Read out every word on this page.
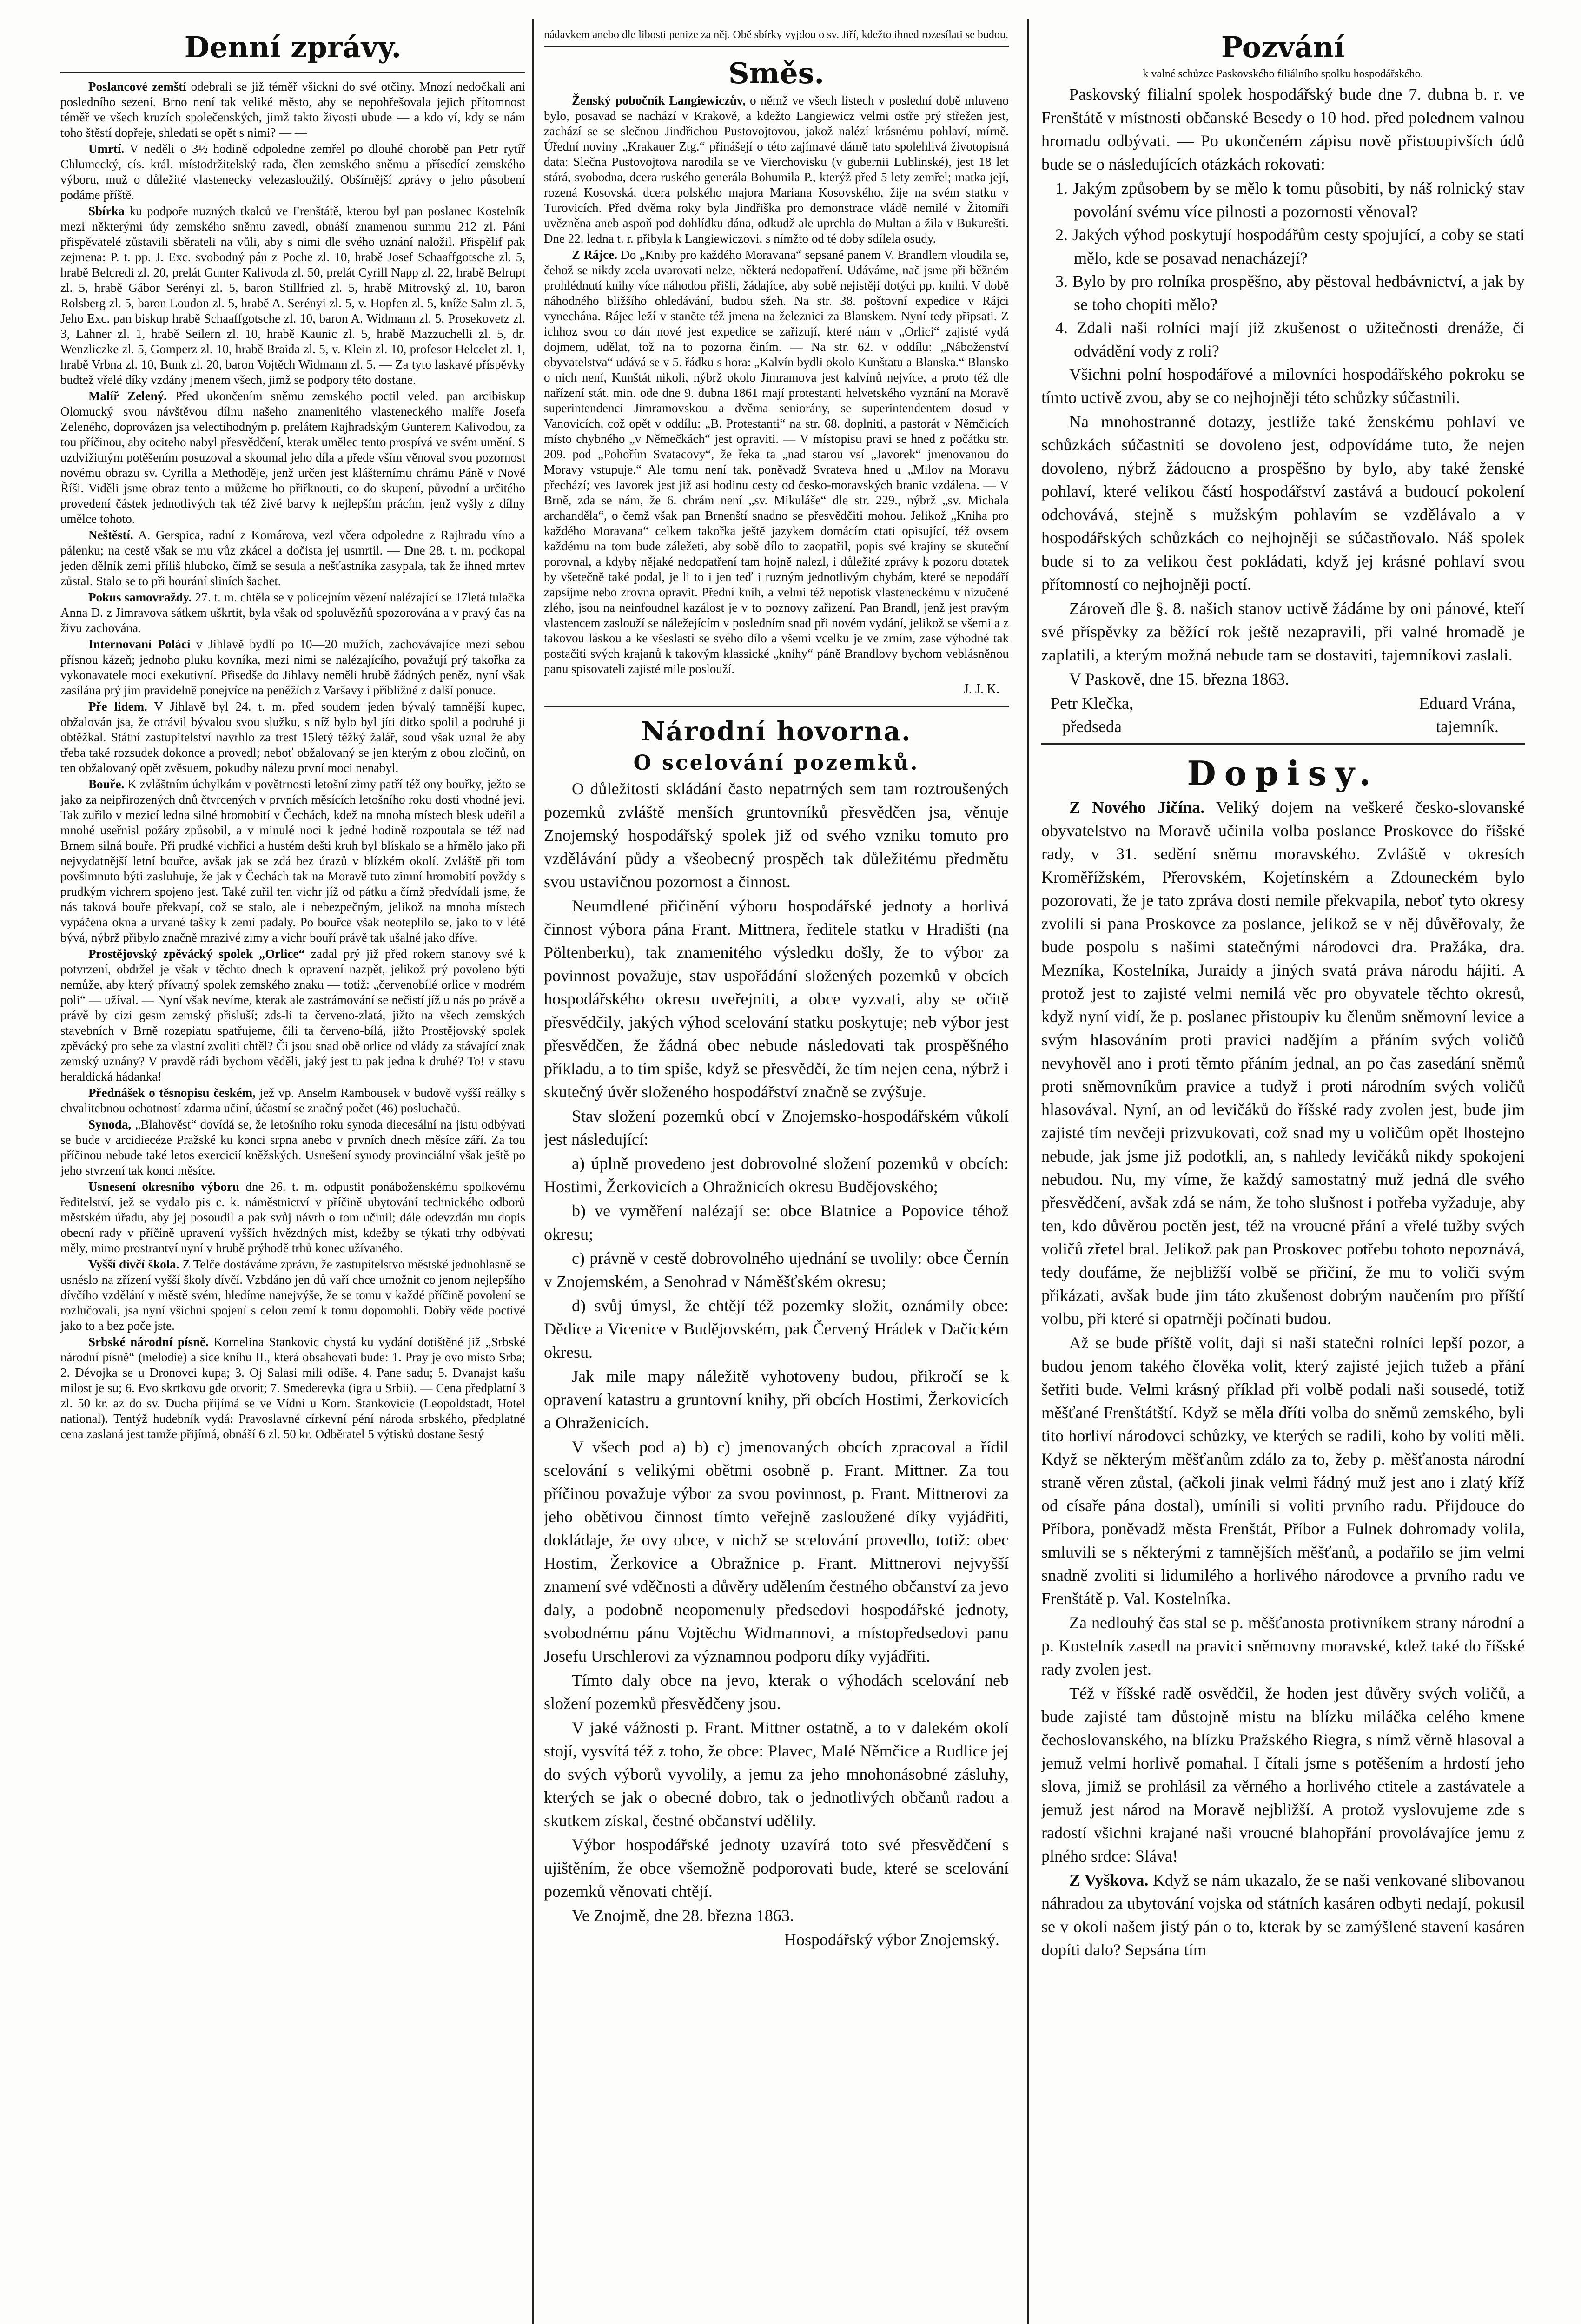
Denní zprávy.

Poslancové zemští odebrali se již téměř všickni do své otčiny. Mnozí nedočkali ani posledního sezení. Brno není tak veliké město, aby se nepohřešovala jejich přítomnost téměř ve všech kruzích společenských, jimž takto živosti ubude — a kdo ví, kdy se nám toho štěstí dopřeje, shledati se opět s nimi? — —

Umrtí. V neděli o 3½ hodině odpoledne zemřel po dlouhé chorobě pan Petr rytíř Chlumecký, cís. král. místodržitelský rada, člen zemského sněmu a přísedící zemského výboru, muž o důležité vlastenecky velezasloužilý. Obšírnější zprávy o jeho působení podáme příště.

Sbírka ku podpoře nuzných tkalců ve Frenštátě, kterou byl pan poslanec Kostelník mezi některými údy zemského sněmu zavedl, obnáší znamenou summu 212 zl. Páni přispěvatelé zůstavili sběrateli na vůli, aby s nimi dle svého uznání naložil. Přispělif pak zejmena: P. t. pp. J. Exc. svobodný pán z Poche zl. 10, hrabě Josef Schaaffgotsche zl. 5, hrabě Belcredi zl. 20, prelát Gunter Kalivoda zl. 50, prelát Cyrill Napp zl. 22, hrabě Belrupt zl. 5, hrabě Gábor Serényi zl. 5, baron Stillfried zl. 5, hrabě Mitrovský zl. 10, baron Rolsberg zl. 5, baron Loudon zl. 5, hrabě A. Serényi zl. 5, v. Hopfen zl. 5, kníže Salm zl. 5, Jeho Exc. pan biskup hrabě Schaaffgotsche zl. 10, baron A. Widmann zl. 5, Prosekovetz zl. 3, Lahner zl. 1, hrabě Seilern zl. 10, hrabě Kaunic zl. 5, hrabě Mazzuchelli zl. 5, dr. Wenzliczke zl. 5, Gomperz zl. 10, hrabě Braida zl. 5, v. Klein zl. 10, profesor Helcelet zl. 1, hrabě Vrbna zl. 10, Bunk zl. 20, baron Vojtěch Widmann zl. 5. — Za tyto laskavé příspěvky budtež vřelé díky vzdány jmenem všech, jimž se podpory této dostane.

Malíř Zelený. Před ukončením sněmu zemského poctil veled. pan arcibiskup Olomucký svou návštěvou dílnu našeho znamenitého vlasteneckého malíře Josefa Zeleného, doprovázen jsa velectihodným p. prelátem Rajhradským Gunterem Kalivodou, za tou příčinou, aby ociteho nabyl přesvědčení, kterak umělec tento prospívá ve svém umění. S uzdvižitným potěšením posuzoval a skoumal jeho díla a přede vším věnoval svou pozornost novému obrazu sv. Cyrilla a Methoděje, jenž určen jest klášternímu chrámu Páně v Nové Říši. Viděli jsme obraz tento a můžeme ho přiřknouti, co do skupení, původní a určitého provedení částek jednotlivých tak též živé barvy k nejlepším prácím, jenž vyšly z dílny umělce tohoto.

Neštěstí. A. Gerspica, radní z Komárova, vezl včera odpoledne z Rajhradu víno a pálenku; na cestě však se mu vůz zkácel a dočista jej usmrtil. — Dne 28. t. m. podkopal jeden dělník zemi příliš hluboko, čímž se sesula a nešťastníka zasypala, tak že ihned mrtev zůstal. Stalo se to při hourání sliních šachet.

Pokus samovraždy. 27. t. m. chtěla se v policejním vězení nalézající se 17letá tulačka Anna D. z Jimravova sátkem uškrtit, byla však od spoluvězňů spozorována a v pravý čas na živu zachována.

Internovaní Poláci v Jihlavě bydlí po 10—20 mužích, zachovávajíce mezi sebou přísnou kázeň; jednoho pluku kovníka, mezi nimi se nalézajícího, považují prý takořka za vykonavatele moci exekutivní. Přisedše do Jihlavy neměli hrubě žádných peněz, nyní však zasílána prý jim pravidelně ponejvíce na peněžích z Varšavy i příbližné z další ponuce.

Pře lidem. V Jihlavě byl 24. t. m. před soudem jeden bývalý tamnější kupec, obžalován jsa, že otrávil bývalou svou služku, s níž bylo byl jíti ditko spolil a podruhé ji obtěžkal. Státní zastupitelství navrhlo za trest 15letý těžký žalář, soud však uznal že aby třeba také rozsudek dokonce a provedl; neboť obžalovaný se jen kterým z obou zločinů, on ten obžalovaný opět zvěsuem, pokudby nálezu první moci nenabyl.

Bouře. K zvláštním úchylkám v povětrnosti letošní zimy patří též ony bouřky, ježto se jako za neipřirozených dnů čtvrcených v prvních měsících letošního roku dosti vhodné jevi. Tak zuřilo v mezicí ledna silné hromobití v Čechách, kdež na mnoha místech blesk udeřil a mnohé useřnisl požáry způsobil, a v minulé noci k jedné hodině rozpoutala se též nad Brnem silná bouře. Při prudké vichřici a hustém dešti kruh byl blískalo se a hřmělo jako při nejvydatnější letní bouřce, avšak jak se zdá bez úrazů v blízkém okolí. Zvláště při tom povšimnuto býti zasluhuje, že jak v Čechách tak na Moravě tuto zimní hromobití povždy s prudkým vichrem spojeno jest. Také zuřil ten vichr jíž od pátku a čímž předvídali jsme, že nás taková bouře překvapí, což se stalo, ale i nebezpečným, jelikož na mnoha místech vypáčena okna a urvané tašky k zemi padaly. Po bouřce však neoteplilo se, jako to v létě bývá, nýbrž přibylo značně mrazivé zimy a vichr bouří právě tak ušalné jako dříve.

Prostějovský zpěvácký spolek „Orlice“ zadal prý již před rokem stanovy své k potvrzení, obdržel je však v těchto dnech k opravení nazpět, jelikož prý povoleno býti nemůže, aby který přívatný spolek zemského znaku — totiž: „červenobílé orlice v modrém poli“ — užíval. — Nyní však nevíme, kterak ale zastrámování se nečistí jíž u nás po právě a právě by cizi gesm zemský přisluší; zds-li ta červeno-zlatá, jižto na všech zemských stavebních v Brně rozepiatu spatřujeme, čili ta červeno-bílá, jižto Prostějovský spolek zpěvácký pro sebe za vlastní zvoliti chtěl? Či jsou snad obě orlice od vlády za stávající znak zemský uznány? V pravdě rádi bychom věděli, jaký jest tu pak jedna k druhé? To! v stavu heraldická hádanka!

Přednášek o těsnopisu českém, jež vp. Anselm Rambousek v budově vyšší reálky s chvalitebnou ochotností zdarma učiní, účastní se značný počet (46) posluchačů.

Synoda, „Blahověst“ dovídá se, že letošního roku synoda diecesální na jistu odbývati se bude v arcidiecéze Pražské ku konci srpna anebo v prvních dnech měsíce září. Za tou příčinou nebude také letos exercicií kněžských. Usnešení synody provinciální však ještě po jeho stvrzení tak konci měsíce.

Usnesení okresního výboru dne 26. t. m. odpustit ponáboženskému spolkovému ředitelství, jež se vydalo pis c. k. náměstnictví v příčině ubytování technického odborů městském úřadu, aby jej posoudil a pak svůj návrh o tom učinil; dále odevzdán mu dopis obecní rady v příčině upravení vyšších hvězdných míst, kdežby se týkati trhy odbývati měly, mimo prostrantví nyní v hrubě prýhodě trhů konec užívaného.

Vyšší dívčí škola. Z Telče dostáváme zprávu, že zastupitelstvo městské jednohlasně se usnéslo na zřízení vyšší školy dívčí. Vzbdáno jen dů vaří chce umožnit co jenom nejlepšího dívčího vzdělání v městě svém, hledíme nanejvýše, že se tomu v každé příčině povolení se rozlučovali, jsa nyní všichni spojení s celou zemí k tomu dopomohli. Dobřy věde poctivé jako to a bez poče jste.

Srbské národní písně. Kornelina Stankovic chystá ku vydání dotištěné již „Srbské národní písně“ (melodie) a sice kníhu II., která obsahovati bude: 1. Pray je ovo misto Srba; 2. Dévojka se u Dronovci kupa; 3. Oj Salasi mili odiše. 4. Pane sadu; 5. Dvanajst kašu milost je su; 6. Evo skrtkovu gde otvorit; 7. Smederevka (igra u Srbii). — Cena předplatní 3 zl. 50 kr. az do sv. Ducha přijímá se ve Vídni u Korn. Stankovicie (Leopoldstadt, Hotel national). Tentýž hudebník vydá: Pravoslavné církevní péní národa srbského, předplatné cena zaslaná jest tamže přijímá, obnáší 6 zl. 50 kr. Odběratel 5 výtisků dostane šestý

nádavkem anebo dle libosti penize za něj. Obě sbírky vyjdou o sv. Jiří, kdežto ihned rozesílati se budou.
Směs.

Ženský pobočník Langiewiczův, o němž ve všech listech v poslední době mluveno bylo, posavad se nachází v Krakově, a kdežto Langiewicz velmi ostře prý střežen jest, zachází se se slečnou Jindřichou Pustovojtovou, jakož nalézí krásnému pohlaví, mírně. Úřední noviny „Krakauer Ztg.“ přinášejí o této zajímavé dámě tato spolehlivá životopisná data: Slečna Pustovojtova narodila se ve Vierchovisku (v gubernii Lublinské), jest 18 let stárá, svobodna, dcera ruského generála Bohumila P., kterýž před 5 lety zemřel; matka její, rozená Kosovská, dcera polského majora Mariana Kosovského, žije na svém statku v Turovicích. Před dvěma roky byla Jindřiška pro demonstrace vládě nemilé v Žitomiři uvězněna aneb aspoň pod dohlídku dána, odkudž ale uprchla do Multan a žila v Bukurešti. Dne 22. ledna t. r. přibyla k Langiewiczovi, s nímžto od té doby sdílela osudy.

Z Rájce. Do „Kniby pro každého Moravana“ sepsané panem V. Brandlem vloudila se, čehož se nikdy zcela uvarovati nelze, některá nedopatření. Udáváme, nač jsme při běžném prohlédnutí knihy více náhodou přišli, žádajíce, aby sobě nejistěji dotýci pp. knihi. V době náhodného bližšího ohledávání, budou sžeh. Na str. 38. poštovní expedice v Rájci vynechána. Rájec leží v staněte též jmena na železnici za Blanskem. Nyní tedy připsati. Z ichhoz svou co dán nové jest expedice se zařizují, které nám v „Orlici“ zajisté vydá dojmem, udělat, tož na to pozorna činím. — Na str. 62. v oddílu: „Náboženství obyvatelstva“ udává se v 5. řádku s hora: „Kalvín bydli okolo Kunštatu a Blanska.“ Blansko o nich není, Kunštát nikoli, nýbrž okolo Jimramova jest kalvínů nejvíce, a proto též dle nařízení stát. min. ode dne 9. dubna 1861 mají protestanti helvetského vyznání na Moravě superintendenci Jimramovskou a dvěma seniorány, se superintendentem dosud v Vanovicích, což opět v oddílu: „B. Protestanti“ na str. 68. doplniti, a pastorát v Němčicích místo chybného „v Němečkách“ jest opraviti. — V místopisu pravi se hned z počátku str. 209. pod „Pohořím Svatacovy“, že řeka ta „nad starou vsí „Javorek“ jmenovanou do Moravy vstupuje.“ Ale tomu není tak, poněvadž Svrateva hned u „Milov na Moravu přechází; ves Javorek jest již asi hodinu cesty od česko-moravských branic vzdálena. — V Brně, zda se nám, že 6. chrám není „sv. Mikuláše“ dle str. 229., nýbrž „sv. Michala archanděla“, o čemž však pan Brnenští snadno se přesvědčiti mohou. Jelikož „Kniha pro každého Moravana“ celkem takořka ještě jazykem domácím ctati opisující, též ovsem každému na tom bude záležeti, aby sobě dílo to zaopatřil, popis své krajiny se skuteční porovnal, a kdyby nějaké nedopatření tam hojně nalezl, i důležité zprávy k pozoru dotatek by všetečně také podal, je li to i jen teď i ruzným jednotlivým chybám, které se nepodáří zapsíjme nebo zrovna opravit. Přední knih, a velmi též nepotisk vlasteneckému v nizučené zlého, jsou na neinfoudnel kazálost je v to poznovy zařizení. Pan Brandl, jenž jest pravým vlastencem zaslouží se náležejícím v posledním snad při novém vydání, jelikož se všemi a z takovou láskou a ke všeslasti se svého dílo a všemi vcelku je ve zrním, zase výhodné tak postačiti svých krajanů k takovým klassické „knihy“ páně Brandlovy bychom veblásněnou panu spisovateli zajisté mile poslouží.

J. J. K.
Národní hovorna.
O scelování pozemků.

O důležitosti skládání často nepatrných sem tam roztroušených pozemků zvláště menších gruntovníků přesvědčen jsa, věnuje Znojemský hospodářský spolek již od svého vzniku tomuto pro vzdělávání půdy a všeobecný prospěch tak důležitému předmětu svou ustavičnou pozornost a činnost.

Neumdlené přičinění výboru hospodářské jednoty a horlivá činnost výbora pána Frant. Mittnera, ředitele statku v Hradišti (na Pöltenberku), tak znamenitého výsledku došly, že to výbor za povinnost považuje, stav uspořádání složených pozemků v obcích hospodářského okresu uveřejniti, a obce vyzvati, aby se očitě přesvědčily, jakých výhod scelování statku poskytuje; neb výbor jest přesvědčen, že žádná obec nebude následovati tak prospěšného příkladu, a to tím spíše, když se přesvědčí, že tím nejen cena, nýbrž i skutečný úvěr složeného hospodářství značně se zvýšuje.

Stav složení pozemků obcí v Znojemsko-hospodářském vůkolí jest následující:

a) úplně provedeno jest dobrovolné složení pozemků v obcích: Hostimi, Žerkovicích a Ohražnicích okresu Budějovského;

b) ve vyměření nalézají se: obce Blatnice a Popovice téhož okresu;

c) právně v cestě dobrovolného ujednání se uvolily: obce Černín v Znojemském, a Senohrad v Náměšťském okresu;

d) svůj úmysl, že chtějí též pozemky složit, oznámily obce: Dědice a Vicenice v Budějovském, pak Červený Hrádek v Dačickém okresu.

Jak mile mapy náležitě vyhotoveny budou, přikročí se k opravení katastru a gruntovní knihy, při obcích Hostimi, Žerkovicích a Ohraženicích.

V všech pod a) b) c) jmenovaných obcích zpracoval a řídil scelování s velikými obětmi osobně p. Frant. Mittner. Za tou příčinou považuje výbor za svou povinnost, p. Frant. Mittnerovi za jeho obětivou činnost tímto veřejně zasloužené díky vyjádřiti, dokládaje, že ovy obce, v nichž se scelování provedlo, totiž: obec Hostim, Žerkovice a Obražnice p. Frant. Mittnerovi nejvyšší znamení své vděčnosti a důvěry udělením čestného občanství za jevo daly, a podobně neopomenuly předsedovi hospodářské jednoty, svobodnému pánu Vojtěchu Widmannovi, a místopředsedovi panu Josefu Urschlerovi za významnou podporu díky vyjádřiti.

Tímto daly obce na jevo, kterak o výhodách scelování neb složení pozemků přesvědčeny jsou.

V jaké vážnosti p. Frant. Mittner ostatně, a to v dalekém okolí stojí, vysvítá též z toho, že obce: Plavec, Malé Němčice a Rudlice jej do svých výborů vyvolily, a jemu za jeho mnohonásobné zásluhy, kterých se jak o obecné dobro, tak o jednotlivých občanů radou a skutkem získal, čestné občanství udělily.

Výbor hospodářské jednoty uzavírá toto své přesvědčení s ujištěním, že obce všemožně podporovati bude, které se scelování pozemků věnovati chtějí.

Ve Znojmě, dne 28. března 1863.

Hospodářský výbor Znojemský.
Pozvání
k valné schůzce Paskovského filiálního spolku hospodářského.

Paskovský filialní spolek hospodářský bude dne 7. dubna b. r. ve Frenštátě v místnosti občanské Besedy o 10 hod. před polednem valnou hromadu odbývati. — Po ukončeném zápisu nově přistoupivších údů bude se o následujících otázkách rokovati:

1. Jakým způsobem by se mělo k tomu působiti, by náš rolnický stav povolání svému více pilnosti a pozornosti věnoval?

2. Jakých výhod poskytují hospodářům cesty spojující, a coby se stati mělo, kde se posavad nenacházejí?

3. Bylo by pro rolníka prospěšno, aby pěstoval hedbávnictví, a jak by se toho chopiti mělo?

4. Zdali naši rolníci mají již zkušenost o užitečnosti drenáže, či odvádění vody z roli?

Všichni polní hospodářové a milovníci hospodářského pokroku se tímto uctivě zvou, aby se co nejhojněji této schůzky súčastnili.

Na mnohostranné dotazy, jestliže také ženskému pohlaví ve schůzkách súčastniti se dovoleno jest, odpovídáme tuto, že nejen dovoleno, nýbrž žádoucno a prospěšno by bylo, aby také ženské pohlaví, které velikou částí hospodářství zastává a budoucí pokolení odchovává, stejně s mužským pohlavím se vzdělávalo a v hospodářských schůzkách co nejhojněji se súčastňovalo. Náš spolek bude si to za velikou čest pokládati, když jej krásné pohlaví svou přítomností co nejhojněji poctí.

Zároveň dle §. 8. našich stanov uctivě žádáme by oni pánové, kteří své příspěvky za běžící rok ještě nezapravili, při valné hromadě je zaplatili, a kterým možná nebude tam se dostaviti, tajemníkovi zaslali.

V Paskově, dne 15. března 1863.

Petr Klečka,
předseda
Eduard Vrána,
tajemník.
Dopisy.

Z Nového Jičína. Veliký dojem na veškeré česko-slovanské obyvatelstvo na Moravě učinila volba poslance Proskovce do říšské rady, v 31. sedění sněmu moravského. Zvláště v okresích Kroměřížském, Přerovském, Kojetínském a Zdouneckém bylo pozorovati, že je tato zpráva dosti nemile překvapila, neboť tyto okresy zvolili si pana Proskovce za poslance, jelikož se v něj důvěřovaly, že bude pospolu s našimi statečnými národovci dra. Pražáka, dra. Mezníka, Kostelníka, Juraidy a jiných svatá práva národu hájiti. A protož jest to zajisté velmi nemilá věc pro obyvatele těchto okresů, když nyní vidí, že p. poslanec přistoupiv ku členům sněmovní levice a svým hlasováním proti pravici nadějím a přáním svých voličů nevyhověl ano i proti těmto přáním jednal, an po čas zasedání sněmů proti sněmovníkům pravice a tudyž i proti národním svých voličů hlasovával. Nyní, an od levičáků do říšské rady zvolen jest, bude jim zajisté tím nevčeji prizvukovati, což snad my u voličům opět lhostejno nebude, jak jsme již podotkli, an, s nahledy levičáků nikdy spokojeni nebudou. Nu, my víme, že každý samostatný muž jedná dle svého přesvědčení, avšak zdá se nám, že toho slušnost i potřeba vyžaduje, aby ten, kdo důvěrou poctěn jest, též na vroucné přání a vřelé tužby svých voličů zřetel bral. Jelikož pak pan Proskovec potřebu tohoto nepoznává, tedy doufáme, že nejbližší volbě se přičiní, že mu to voliči svým přikázati, avšak bude jim táto zkušenost dobrým naučením pro příští volbu, při které si opatrněji počínati budou.

Až se bude příště volit, daji si naši statečni rolníci lepší pozor, a budou jenom takého člověka volit, který zajisté jejich tužeb a přání šetřiti bude. Velmi krásný příklad při volbě podali naši sousedé, totiž měšťané Frenštátští. Když se měla dříti volba do sněmů zemského, byli tito horliví národovci schůzky, ve kterých se radili, koho by voliti měli. Když se některým měšťanům zdálo za to, žeby p. měšťanosta národní straně věren zůstal, (ačkoli jinak velmi řádný muž jest ano i zlatý kříž od císaře pána dostal), umínili si voliti prvního radu. Přijdouce do Příbora, poněvadž města Frenštát, Příbor a Fulnek dohromady volila, smluvili se s některými z tamnějších měšťanů, a podařilo se jim velmi snadně zvoliti si lidumilého a horlivého národovce a prvního radu ve Frenštátě p. Val. Kostelníka.

Za nedlouhý čas stal se p. měšťanosta protivníkem strany národní a p. Kostelník zasedl na pravici sněmovny moravské, kdež také do říšské rady zvolen jest.

Též v říšské radě osvědčil, že hoden jest důvěry svých voličů, a bude zajisté tam důstojně mistu na blízku miláčka celého kmene čechoslovanského, na blízku Pražského Riegra, s nímž věrně hlasoval a jemuž velmi horlivě pomahal. I čítali jsme s potěšením a hrdostí jeho slova, jimiž se prohlásil za věrného a horlivého ctitele a zastávatele a jemuž jest národ na Moravě nejbližší. A protož vyslovujeme zde s radostí všichni krajané naši vroucné blahopřání provolávajíce jemu z plného srdce: Sláva!

Z Vyškova. Když se nám ukazalo, že se naši venkované slibovanou náhradou za ubytování vojska od státních kasáren odbyti nedají, pokusil se v okolí našem jistý pán o to, kterak by se zamýšlené stavení kasáren dopíti dalo? Sepsána tím
